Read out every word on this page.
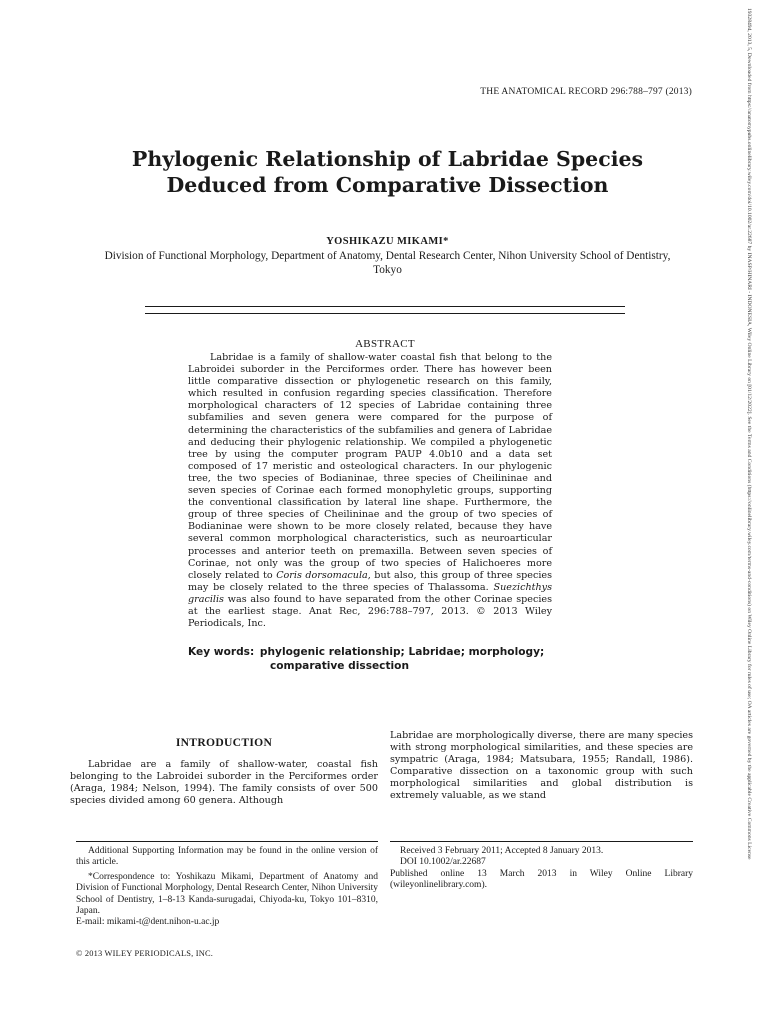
19328494, 2013, 5, Downloaded from https://anatomypubs.onlinelibrary.wiley.com/doi/10.1002/ar.22687 by INASP/HINARI - INDONESIA, Wiley Online Library on [01/12/2022]. See the Terms and Conditions (https://onlinelibrary.wiley.com/terms-and-conditions) on Wiley Online Library for rules of use; OA articles are governed by the applicable Creative Commons License
THE ANATOMICAL RECORD 296:788–797 (2013)
Phylogenic Relationship of Labridae Species Deduced from Comparative Dissection
YOSHIKAZU MIKAMI*
Division of Functional Morphology, Department of Anatomy, Dental Research Center, Nihon University School of Dentistry, Tokyo
ABSTRACT

Labridae is a family of shallow-water coastal fish that belong to the Labroidei suborder in the Perciformes order. There has however been little comparative dissection or phylogenetic research on this family, which resulted in confusion regarding species classification. Therefore morphological characters of 12 species of Labridae containing three subfamilies and seven genera were compared for the purpose of determining the characteristics of the subfamilies and genera of Labridae and deducing their phylogenic relationship. We compiled a phylogenetic tree by using the computer program PAUP 4.0b10 and a data set composed of 17 meristic and osteological characters. In our phylogenic tree, the two species of Bodianinae, three species of Cheilininae and seven species of Corinae each formed monophyletic groups, supporting the conventional classification by lateral line shape. Furthermore, the group of three species of Cheilininae and the group of two species of Bodianinae were shown to be more closely related, because they have several common morphological characteristics, such as neuroarticular processes and anterior teeth on premaxilla. Between seven species of Corinae, not only was the group of two species of Halichoeres more closely related to Coris dorsomacula, but also, this group of three species may be closely related to the three species of Thalassoma. Suezichthys gracilis was also found to have separated from the other Corinae species at the earliest stage. Anat Rec, 296:788–797, 2013. © 2013 Wiley Periodicals, Inc.

Key words: phylogenic relationship; Labridae; morphology;
comparative dissection
INTRODUCTION

Labridae are a family of shallow-water, coastal fish belonging to the Labroidei suborder in the Perciformes order (Araga, 1984; Nelson, 1994). The family consists of over 500 species divided among 60 genera. Although

Labridae are morphologically diverse, there are many species with strong morphological similarities, and these species are sympatric (Araga, 1984; Matsubara, 1955; Randall, 1986). Comparative dissection on a taxonomic group with such morphological similarities and global distribution is extremely valuable, as we stand

Additional Supporting Information may be found in the online version of this article.
*Correspondence to: Yoshikazu Mikami, Department of Anatomy and Division of Functional Morphology, Dental Research Center, Nihon University School of Dentistry, 1–8-13 Kanda-surugadai, Chiyoda-ku, Tokyo 101–8310, Japan.
E-mail: mikami-t@dent.nihon-u.ac.jp
Received 3 February 2011; Accepted 8 January 2013.
DOI 10.1002/ar.22687
Published online 13 March 2013 in Wiley Online Library (wileyonlinelibrary.com).
© 2013 WILEY PERIODICALS, INC.
